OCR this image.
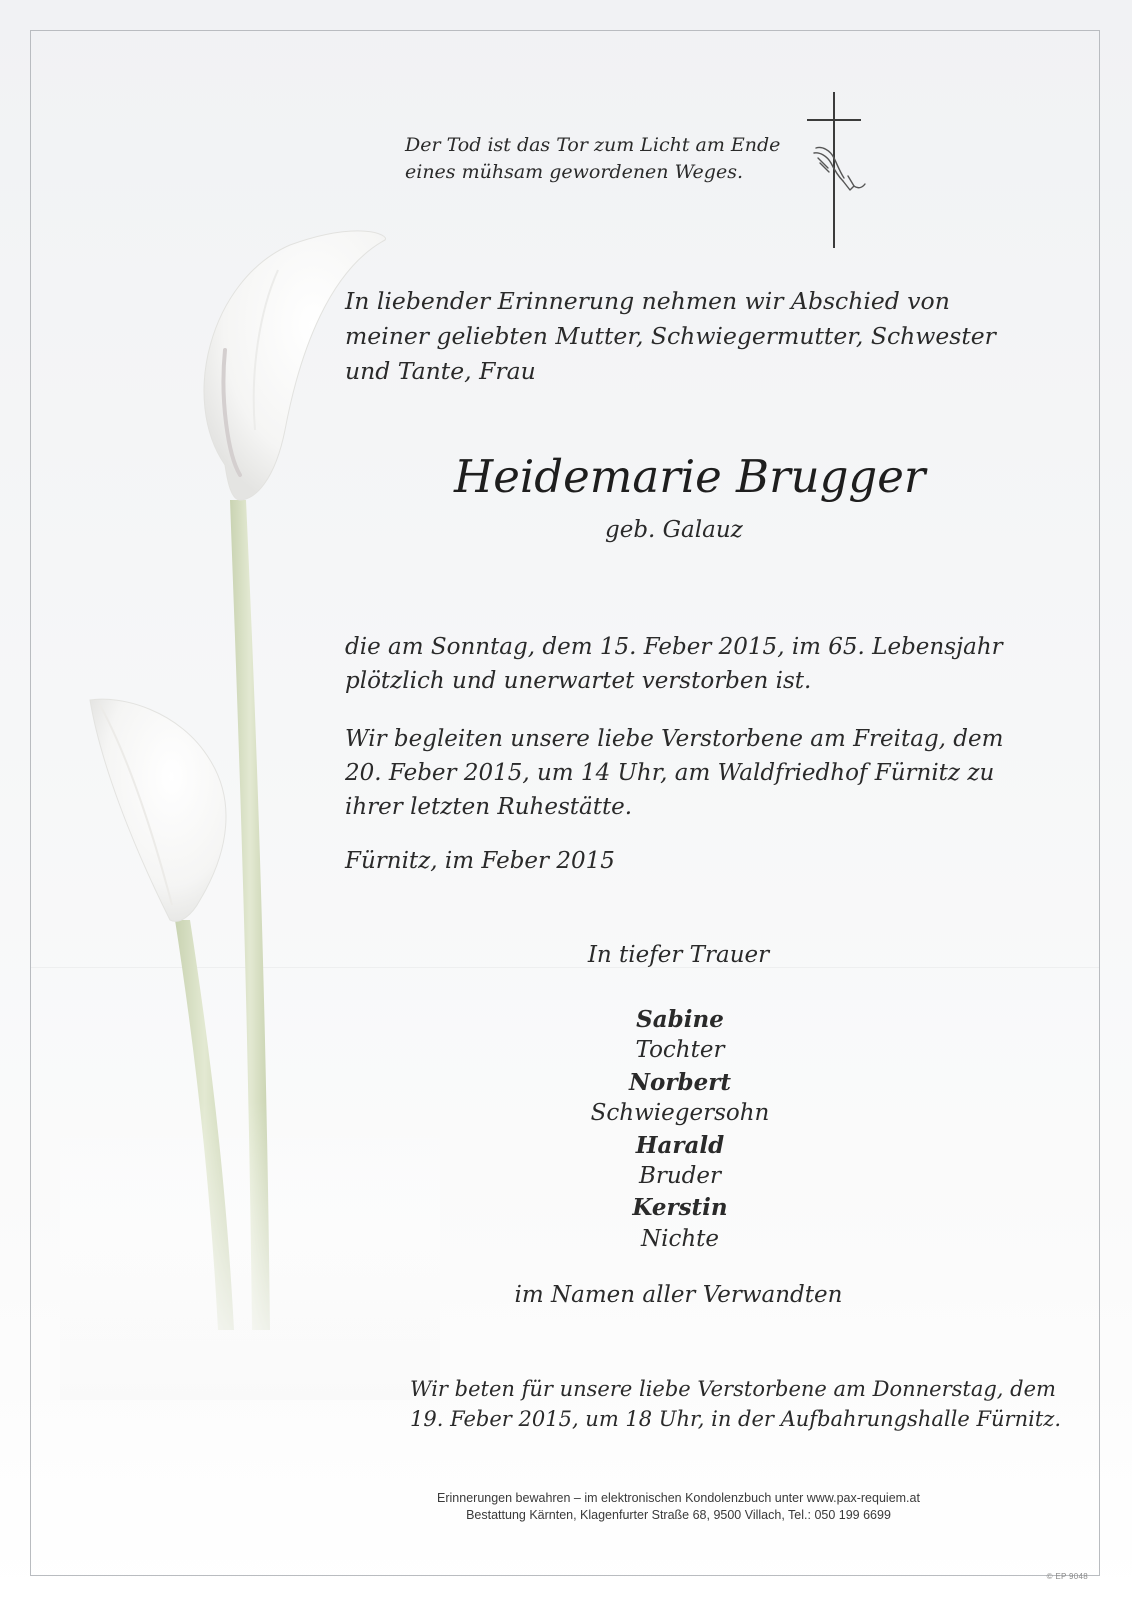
Der Tod ist das Tor zum Licht am Ende
eines mühsam gewordenen Weges.

In liebender Erinnerung nehmen wir Abschied von
meiner geliebten Mutter, Schwiegermutter, Schwester
und Tante, Frau

Heidemarie Brugger

geb. Galauz

die am Sonntag, dem 15. Feber 2015, im 65. Lebensjahr
plötzlich und unerwartet verstorben ist.

Wir begleiten unsere liebe Verstorbene am Freitag, dem
20. Feber 2015, um 14 Uhr, am Waldfriedhof Fürnitz zu
ihrer letzten Ruhestätte.

Fürnitz, im Feber 2015

In tiefer Trauer

Sabine
Tochter
Norbert
Schwiegersohn
Harald
Bruder
Kerstin
Nichte

im Namen aller Verwandten

Wir beten für unsere liebe Verstorbene am Donnerstag, dem
19. Feber 2015, um 18 Uhr, in der Aufbahrungshalle Fürnitz.

Erinnerungen bewahren – im elektronischen Kondolenzbuch unter www.pax-requiem.at
Bestattung Kärnten, Klagenfurter Straße 68, 9500 Villach, Tel.: 050 199 6699
© EP 9048
